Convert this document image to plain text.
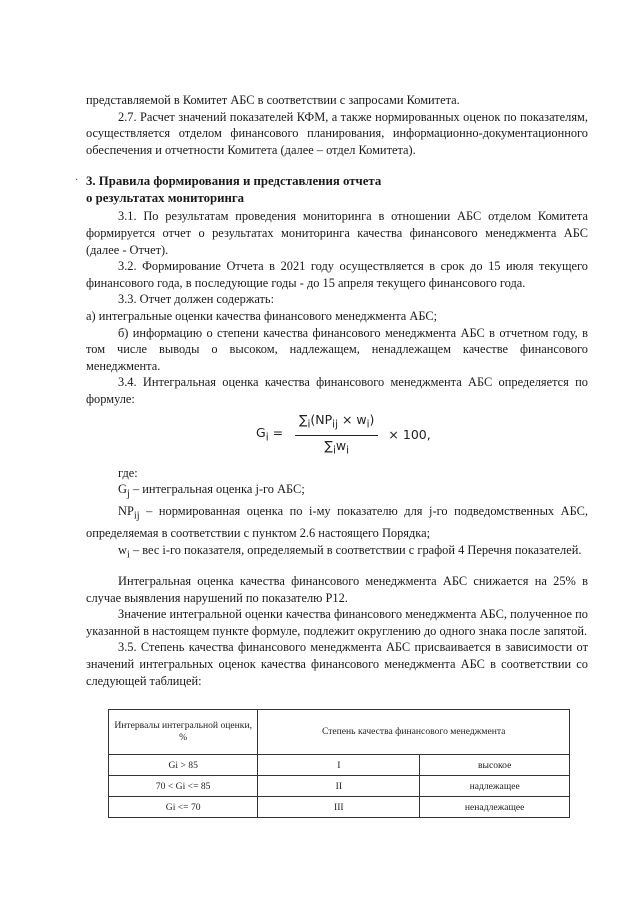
·

представляемой в Комитет АБС в соответствии с запросами Комитета.

2.7. Расчет значений показателей КФМ, а также нормированных оценок по показателям, осуществляется отделом финансового планирования, информационно-документационного обеспечения и отчетности Комитета (далее – отдел Комитета).

3. Правила формирования и представления отчета
о результатах мониторинга

3.1. По результатам проведения мониторинга в отношении АБС отделом Комитета формируется отчет о результатах мониторинга качества финансового менеджмента АБС (далее - Отчет).

3.2. Формирование Отчета в 2021 году осуществляется в срок до 15 июля текущего финансового года, в последующие годы - до 15 апреля текущего финансового года.

3.3. Отчет должен содержать:

а) интегральные оценки качества финансового менеджмента АБС;

б) информацию о степени качества финансового менеджмента АБС в отчетном году, в том числе выводы о высоком, надлежащем, ненадлежащем качестве финансового менеджмента.

3.4. Интегральная оценка качества финансового менеджмента АБС определяется по формуле:

$G_i = \frac{\sum_i(NP_{ij} \times w_i)}{\sum_iw_i} \times 100$,

где:

$G_j$ – интегральная оценка j-го АБС;

$NP_{ij}$ – нормированная оценка по i-му показателю для j-го подведомственных АБС, определяемая в соответствии с пунктом 2.6 настоящего Порядка;

$w_i$ – вес i-го показателя, определяемый в соответствии с графой 4 Перечня показателей.

Интегральная оценка качества финансового менеджмента АБС снижается на 25% в случае выявления нарушений по показателю P12.

Значение интегральной оценки качества финансового менеджмента АБС, полученное по указанной в настоящем пункте формуле, подлежит округлению до одного знака после запятой.

3.5. Степень качества финансового менеджмента АБС присваивается в зависимости от значений интегральных оценок качества финансового менеджмента АБС в соответствии со следующей таблицей:

Интервалы интегральной оценки, %	Степень качества финансового менеджмента	
Gi > 85	I	высокое
70 < Gi <= 85	II	надлежащее
Gi <= 70	III	ненадлежащее
